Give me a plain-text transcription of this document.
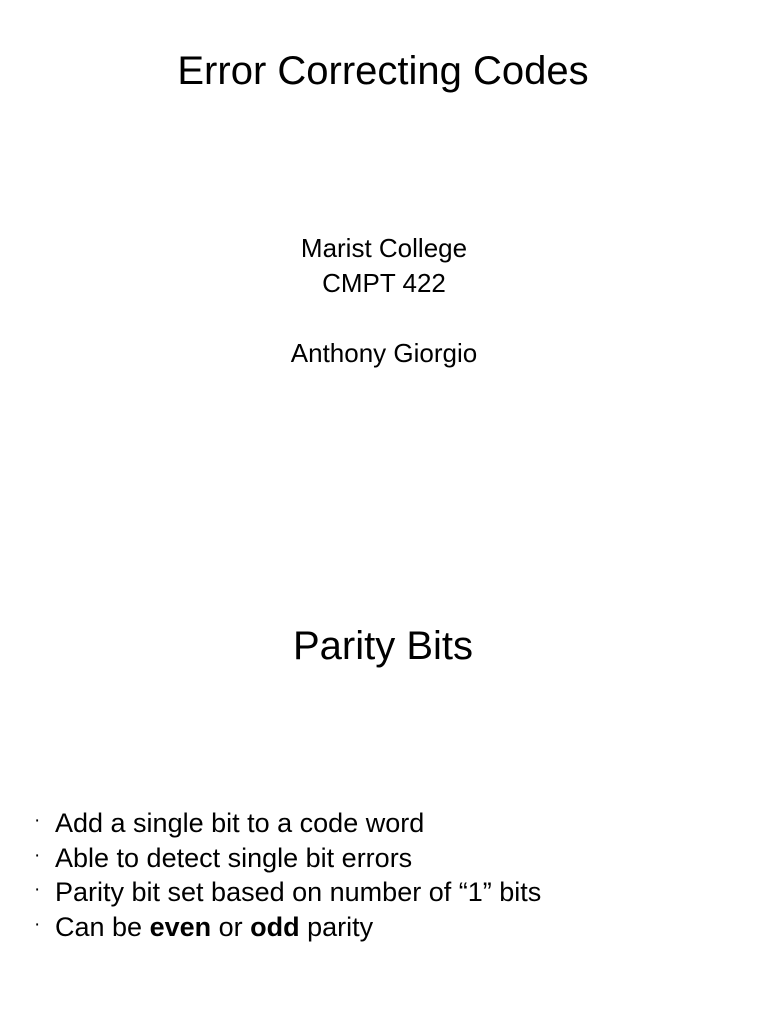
Error Correcting Codes
Marist College
CMPT 422
Anthony Giorgio
Parity Bits
· Add a single bit to a code word
· Able to detect single bit errors
· Parity bit set based on number of “1” bits
· Can be even or odd parity
